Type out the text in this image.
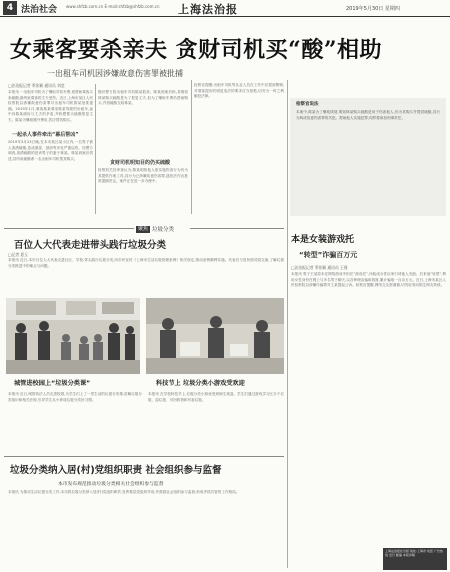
4 法治社会 www.shfzb.com.cn E-mail:shfzb@shfzb.com.cn 上海法治报	2019年5月30日 星期四
女乘客要杀亲夫 贪财司机买“酸”相助
一出租车司机因涉嫌故意伤害罪被批捕
□法治报记者 季张颖 通讯员 刘竞
本报讯 一出租车司机为了赚取司机车费,竟帮助乘客买来硫酸,最终致乘客的丈夫受伤。近日,上海市某区人民检察院以涉嫌故意伤害罪对出租车司机陈某批准逮捕。2019年1月,乘客林某乘坐陈某驾驶的出租车,途中向陈某倾诉与丈夫的矛盾,并称想要买硫酸报复丈夫。陈某为赚取额外费用,答应帮其购买。
一起杀人事件牵出“幕后帮凶”
2019年3月23日晚,在本市某区某小区内,一名男子被人泼洒硫酸,造成面部、颈部等多处严重烧伤。经警方调查,泼洒硫酸的是该男子的妻子林某。林某到案后供述,其所用硫酸系一名出租车司机帮其购买。
随后警方将出租车司机陈某抓获。陈某到案后称,其明知林某购买硫酸是为了报复丈夫,但为了赚取车费仍帮助购买,并将硫酸交给林某。
贪财司机明知目的仍买硫酸
检察机关经审查认为,陈某明知他人欲实施伤害行为仍为其提供作案工具,其行为已涉嫌故意伤害罪,遂依法作出批准逮捕决定。案件正在进一步办理中。
检察官提醒:出租车司机等从业人员在工作中应提高警惕,对乘客提出的明显违法的要求应当拒绝,切勿为一时之利触犯法律。
检察官说法
本案中,陈某为了赚取钱财,明知林某购买硫酸是用于伤害他人,仍为其购买并提供硫酸,其行为构成故意伤害罪的共犯。帮助他人实施犯罪,同样要承担刑事责任。
本是女装游戏托
“转型”诈骗百万元
□法治报记者 季张颖 通讯员 王建
本报讯 男子王某原本在网络游戏中担任“游戏托”,伪装成女性玩家引诱他人充值。后来他“转型”,利用女性身份在网上与多名男子聊天,以各种理由骗取钱财,累计骗取一百余万元。近日,上海市某区人民检察院以涉嫌诈骗罪对王某提起公诉。检察官提醒,网络交友需谨慎,切勿轻易向陌生网友转账。
聚焦 垃圾分类
百位人大代表走进带头践行垃圾分类
□记者 夏玉
本报讯 近日,本市百位人大代表走进社区、学校,带头践行垃圾分类,向市民宣传《上海市生活垃圾管理条例》相关规定,推动条例顺利实施。代表们与居民面对面交流,了解垃圾分类推进中的难点与问题。
城管进校园上“垃圾分类课”	科技节上 垃圾分类小游戏受欢迎
本报讯 近日,城管执法人员走进校园,为学生们上了一堂生动的垃圾分类课,讲解垃圾分类知识和相关法规,引导学生从小养成垃圾分类好习惯。
本报讯 在学校科技节上,垃圾分类小游戏受到师生欢迎。学生们通过游戏学习区分干垃圾、湿垃圾、可回收物和有害垃圾。
垃圾分类纳入居(村)党组织职责 社会组织参与监督
本市发布规范推动垃圾分类相关社会组织参与监督
本报讯 为推动生活垃圾分类工作,本市将垃圾分类纳入居(村)党组织职责,发挥基层党组织作用,并鼓励社会组织参与监督,形成齐抓共管的工作格局。
上海法治报社出版 地址:上海市 电话 广告热线 发行 邮编 本报印刷
